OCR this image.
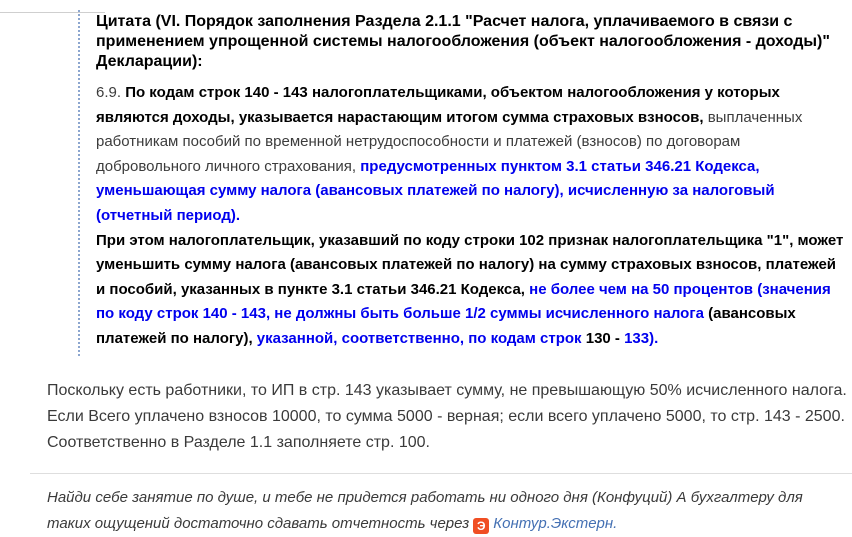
Цитата (VI. Порядок заполнения Раздела 2.1.1 "Расчет налога, уплачиваемого в связи с применением упрощенной системы налогообложения (объект налогообложения - доходы)" Декларации):

6.9. По кодам строк 140 - 143 налогоплательщиками, объектом налогообложения у которых являются доходы, указывается нарастающим итогом сумма страховых взносов, выплаченных работникам пособий по временной нетрудоспособности и платежей (взносов) по договорам добровольного личного страхования, предусмотренных пунктом 3.1 статьи 346.21 Кодекса, уменьшающая сумму налога (авансовых платежей по налогу), исчисленную за налоговый (отчетный период).

При этом налогоплательщик, указавший по коду строки 102 признак налогоплательщика "1", может уменьшить сумму налога (авансовых платежей по налогу) на сумму страховых взносов, платежей и пособий, указанных в пункте 3.1 статьи 346.21 Кодекса, не более чем на 50 процентов (значения по коду строк 140 - 143, не должны быть больше 1/2 суммы исчисленного налога (авансовых платежей по налогу), указанной, соответственно, по кодам строк 130 - 133).

Поскольку есть работники, то ИП в стр. 143 указывает сумму, не превышающую 50% исчисленного налога.
Если Всего уплачено взносов 10000, то сумма 5000 - верная; если всего уплачено 5000, то стр. 143 - 2500.
Соответственно в Разделе 1.1 заполняете стр. 100.
Найди себе занятие по душе, и тебе не придется работать ни одного дня (Конфуций) А бухгалтеру для таких ощущений достаточно сдавать отчетность через Э Контур.Экстерн.
